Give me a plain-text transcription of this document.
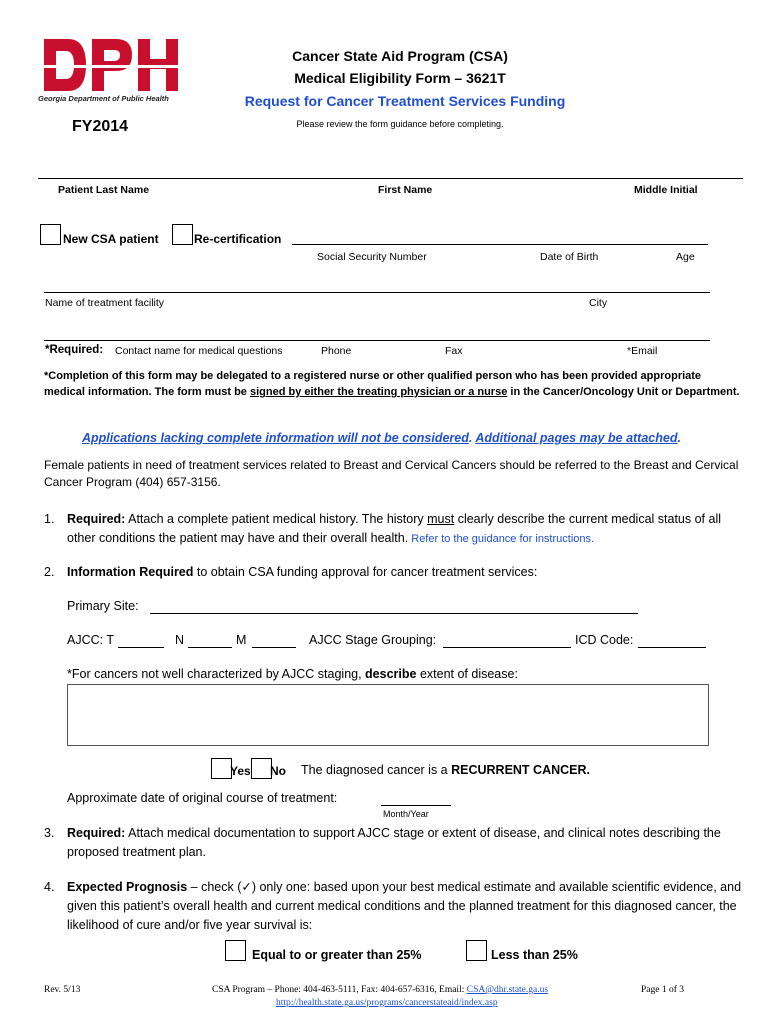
Georgia Department of Public Health
FY2014
Cancer State Aid Program (CSA)
Medical Eligibility Form – 3621T
Request for Cancer Treatment Services Funding
Please review the form guidance before completing.
Patient Last Name	First Name	Middle Initial
New CSA patient	Re-certification
Social Security Number	Date of Birth	Age
Name of treatment facility	City
*Required: Contact name for medical questions	Phone	Fax	*Email
*Completion of this form may be delegated to a registered nurse or other qualified person who has been provided appropriate medical information. The form must be signed by either the treating physician or a nurse in the Cancer/Oncology Unit or Department.
Applications lacking complete information will not be considered. Additional pages may be attached.
Female patients in need of treatment services related to Breast and Cervical Cancers should be referred to the Breast and Cervical Cancer Program (404) 657-3156.
1. Required: Attach a complete patient medical history. The history must clearly describe the current medical status of all other conditions the patient may have and their overall health. Refer to the guidance for instructions.
2. Information Required to obtain CSA funding approval for cancer treatment services:
Primary Site:
AJCC: T	N	M	AJCC Stage Grouping:	ICD Code:
*For cancers not well characterized by AJCC staging, describe extent of disease:
Yes No The diagnosed cancer is a RECURRENT CANCER.
Approximate date of original course of treatment:
Month/Year
3. Required: Attach medical documentation to support AJCC stage or extent of disease, and clinical notes describing the proposed treatment plan.
4. Expected Prognosis – check (✓) only one: based upon your best medical estimate and available scientific evidence, and given this patient’s overall health and current medical conditions and the planned treatment for this diagnosed cancer, the likelihood of cure and/or five year survival is:
Equal to or greater than 25%	Less than 25%
Rev. 5/13	CSA Program – Phone: 404-463-5111, Fax: 404-657-6316, Email: CSA@dhr.state.ga.us
http://health.state.ga.us/programs/cancerstateaid/index.asp
Page 1 of 3
